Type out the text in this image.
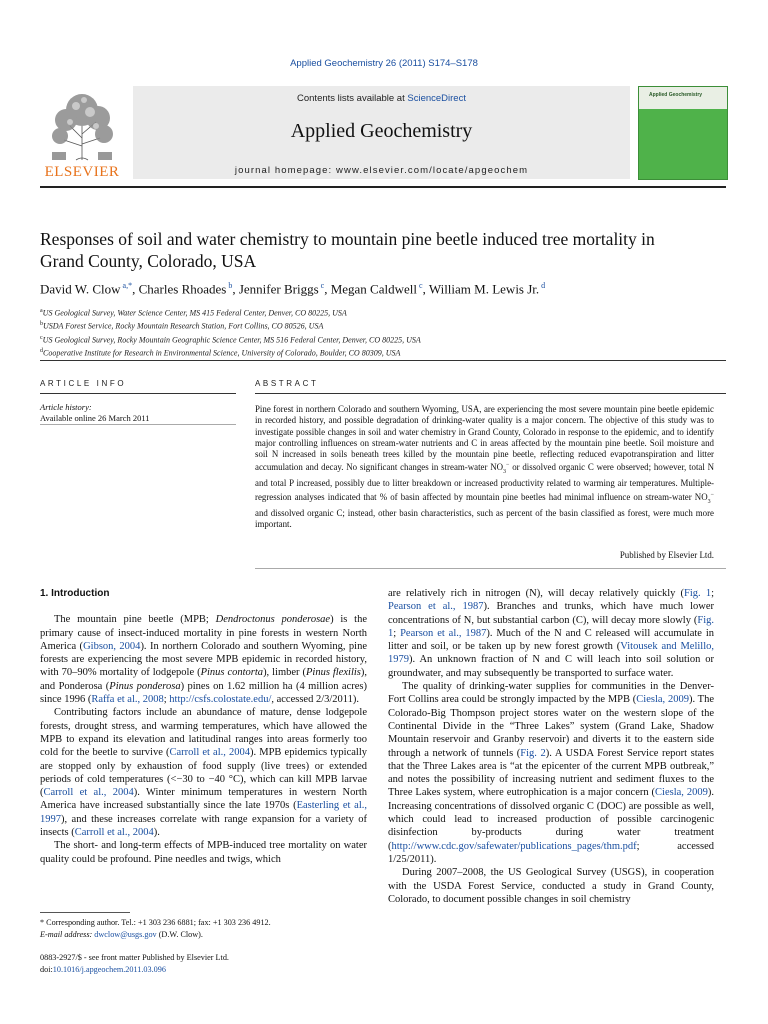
Applied Geochemistry 26 (2011) S174–S178
ELSEVIER
Contents lists available at ScienceDirect
Applied Geochemistry
journal homepage: www.elsevier.com/locate/apgeochem
Applied Geochemistry
Responses of soil and water chemistry to mountain pine beetle induced tree mortality in Grand County, Colorado, USA
David W. Clow $^{a,*}$, Charles Rhoades $^b$, Jennifer Briggs $^c$, Megan Caldwell $^c$, William M. Lewis Jr. $^d$
$^a$US Geological Survey, Water Science Center, MS 415 Federal Center, Denver, CO 80225, USA
$^b$USDA Forest Service, Rocky Mountain Research Station, Fort Collins, CO 80526, USA
$^c$US Geological Survey, Rocky Mountain Geographic Science Center, MS 516 Federal Center, Denver, CO 80225, USA
$^d$Cooperative Institute for Research in Environmental Science, University of Colorado, Boulder, CO 80309, USA
ARTICLE INFO
Article history:
Available online 26 March 2011
ABSTRACT
Pine forest in northern Colorado and southern Wyoming, USA, are experiencing the most severe mountain pine beetle epidemic in recorded history, and possible degradation of drinking-water quality is a major concern. The objective of this study was to investigate possible changes in soil and water chemistry in Grand County, Colorado in response to the epidemic, and to identify major controlling influences on stream-water nutrients and C in areas affected by the mountain pine beetle. Soil moisture and soil N increased in soils beneath trees killed by the mountain pine beetle, reflecting reduced evapotranspiration and litter accumulation and decay. No significant changes in stream-water $NO_3^-$ or dissolved organic C were observed; however, total N and total P increased, possibly due to litter breakdown or increased productivity related to warming air temperatures. Multiple-regression analyses indicated that % of basin affected by mountain pine beetles had minimal influence on stream-water $NO_3^-$ and dissolved organic C; instead, other basin characteristics, such as percent of the basin classified as forest, were much more important.
Published by Elsevier Ltd.
1. Introduction

The mountain pine beetle (MPB; Dendroctonus ponderosae) is the primary cause of insect-induced mortality in pine forests in western North America (Gibson, 2004). In northern Colorado and southern Wyoming, pine forests are experiencing the most severe MPB epidemic in recorded history, with 70–90% mortality of lodgepole (Pinus contorta), limber (Pinus flexilis), and Ponderosa (Pinus ponderosa) pines on 1.62 million ha (4 million acres) since 1996 (Raffa et al., 2008; http://csfs.colostate.edu/, accessed 2/3/2011).

Contributing factors include an abundance of mature, dense lodgepole forests, drought stress, and warming temperatures, which have allowed the MPB to expand its elevation and latitudinal ranges into areas formerly too cold for the beetle to survive (Carroll et al., 2004). MPB epidemics typically are stopped only by exhaustion of food supply (live trees) or extended periods of cold temperatures (<−30 to −40 °C), which can kill MPB larvae (Carroll et al., 2004). Winter minimum temperatures in western North America have increased substantially since the late 1970s (Easterling et al., 1997), and these increases correlate with range expansion for a variety of insects (Carroll et al., 2004).

The short- and long-term effects of MPB-induced tree mortality on water quality could be profound. Pine needles and twigs, which

are relatively rich in nitrogen (N), will decay relatively quickly (Fig. 1; Pearson et al., 1987). Branches and trunks, which have much lower concentrations of N, but substantial carbon (C), will decay more slowly (Fig. 1; Pearson et al., 1987). Much of the N and C released will accumulate in litter and soil, or be taken up by new forest growth (Vitousek and Melillo, 1979). An unknown fraction of N and C will leach into soil solution or groundwater, and may subsequently be transported to surface water.

The quality of drinking-water supplies for communities in the Denver-Fort Collins area could be strongly impacted by the MPB (Ciesla, 2009). The Colorado-Big Thompson project stores water on the western slope of the Continental Divide in the “Three Lakes” system (Grand Lake, Shadow Mountain reservoir and Granby reservoir) and diverts it to the eastern side through a network of tunnels (Fig. 2). A USDA Forest Service report states that the Three Lakes area is “at the epicenter of the current MPB outbreak,” and notes the possibility of increasing nutrient and sediment fluxes to the Three Lakes system, where eutrophication is a major concern (Ciesla, 2009). Increasing concentrations of dissolved organic C (DOC) are possible as well, which could lead to increased production of possible carcinogenic disinfection by-products during water treatment (http://www.cdc.gov/safewater/publications_pages/thm.pdf; accessed 1/25/2011).

During 2007–2008, the US Geological Survey (USGS), in cooperation with the USDA Forest Service, conducted a study in Grand County, Colorado, to document possible changes in soil chemistry

* Corresponding author. Tel.: +1 303 236 6881; fax: +1 303 236 4912.
E-mail address: dwclow@usgs.gov (D.W. Clow).
0883-2927/$ - see front matter Published by Elsevier Ltd.
doi:10.1016/j.apgeochem.2011.03.096
